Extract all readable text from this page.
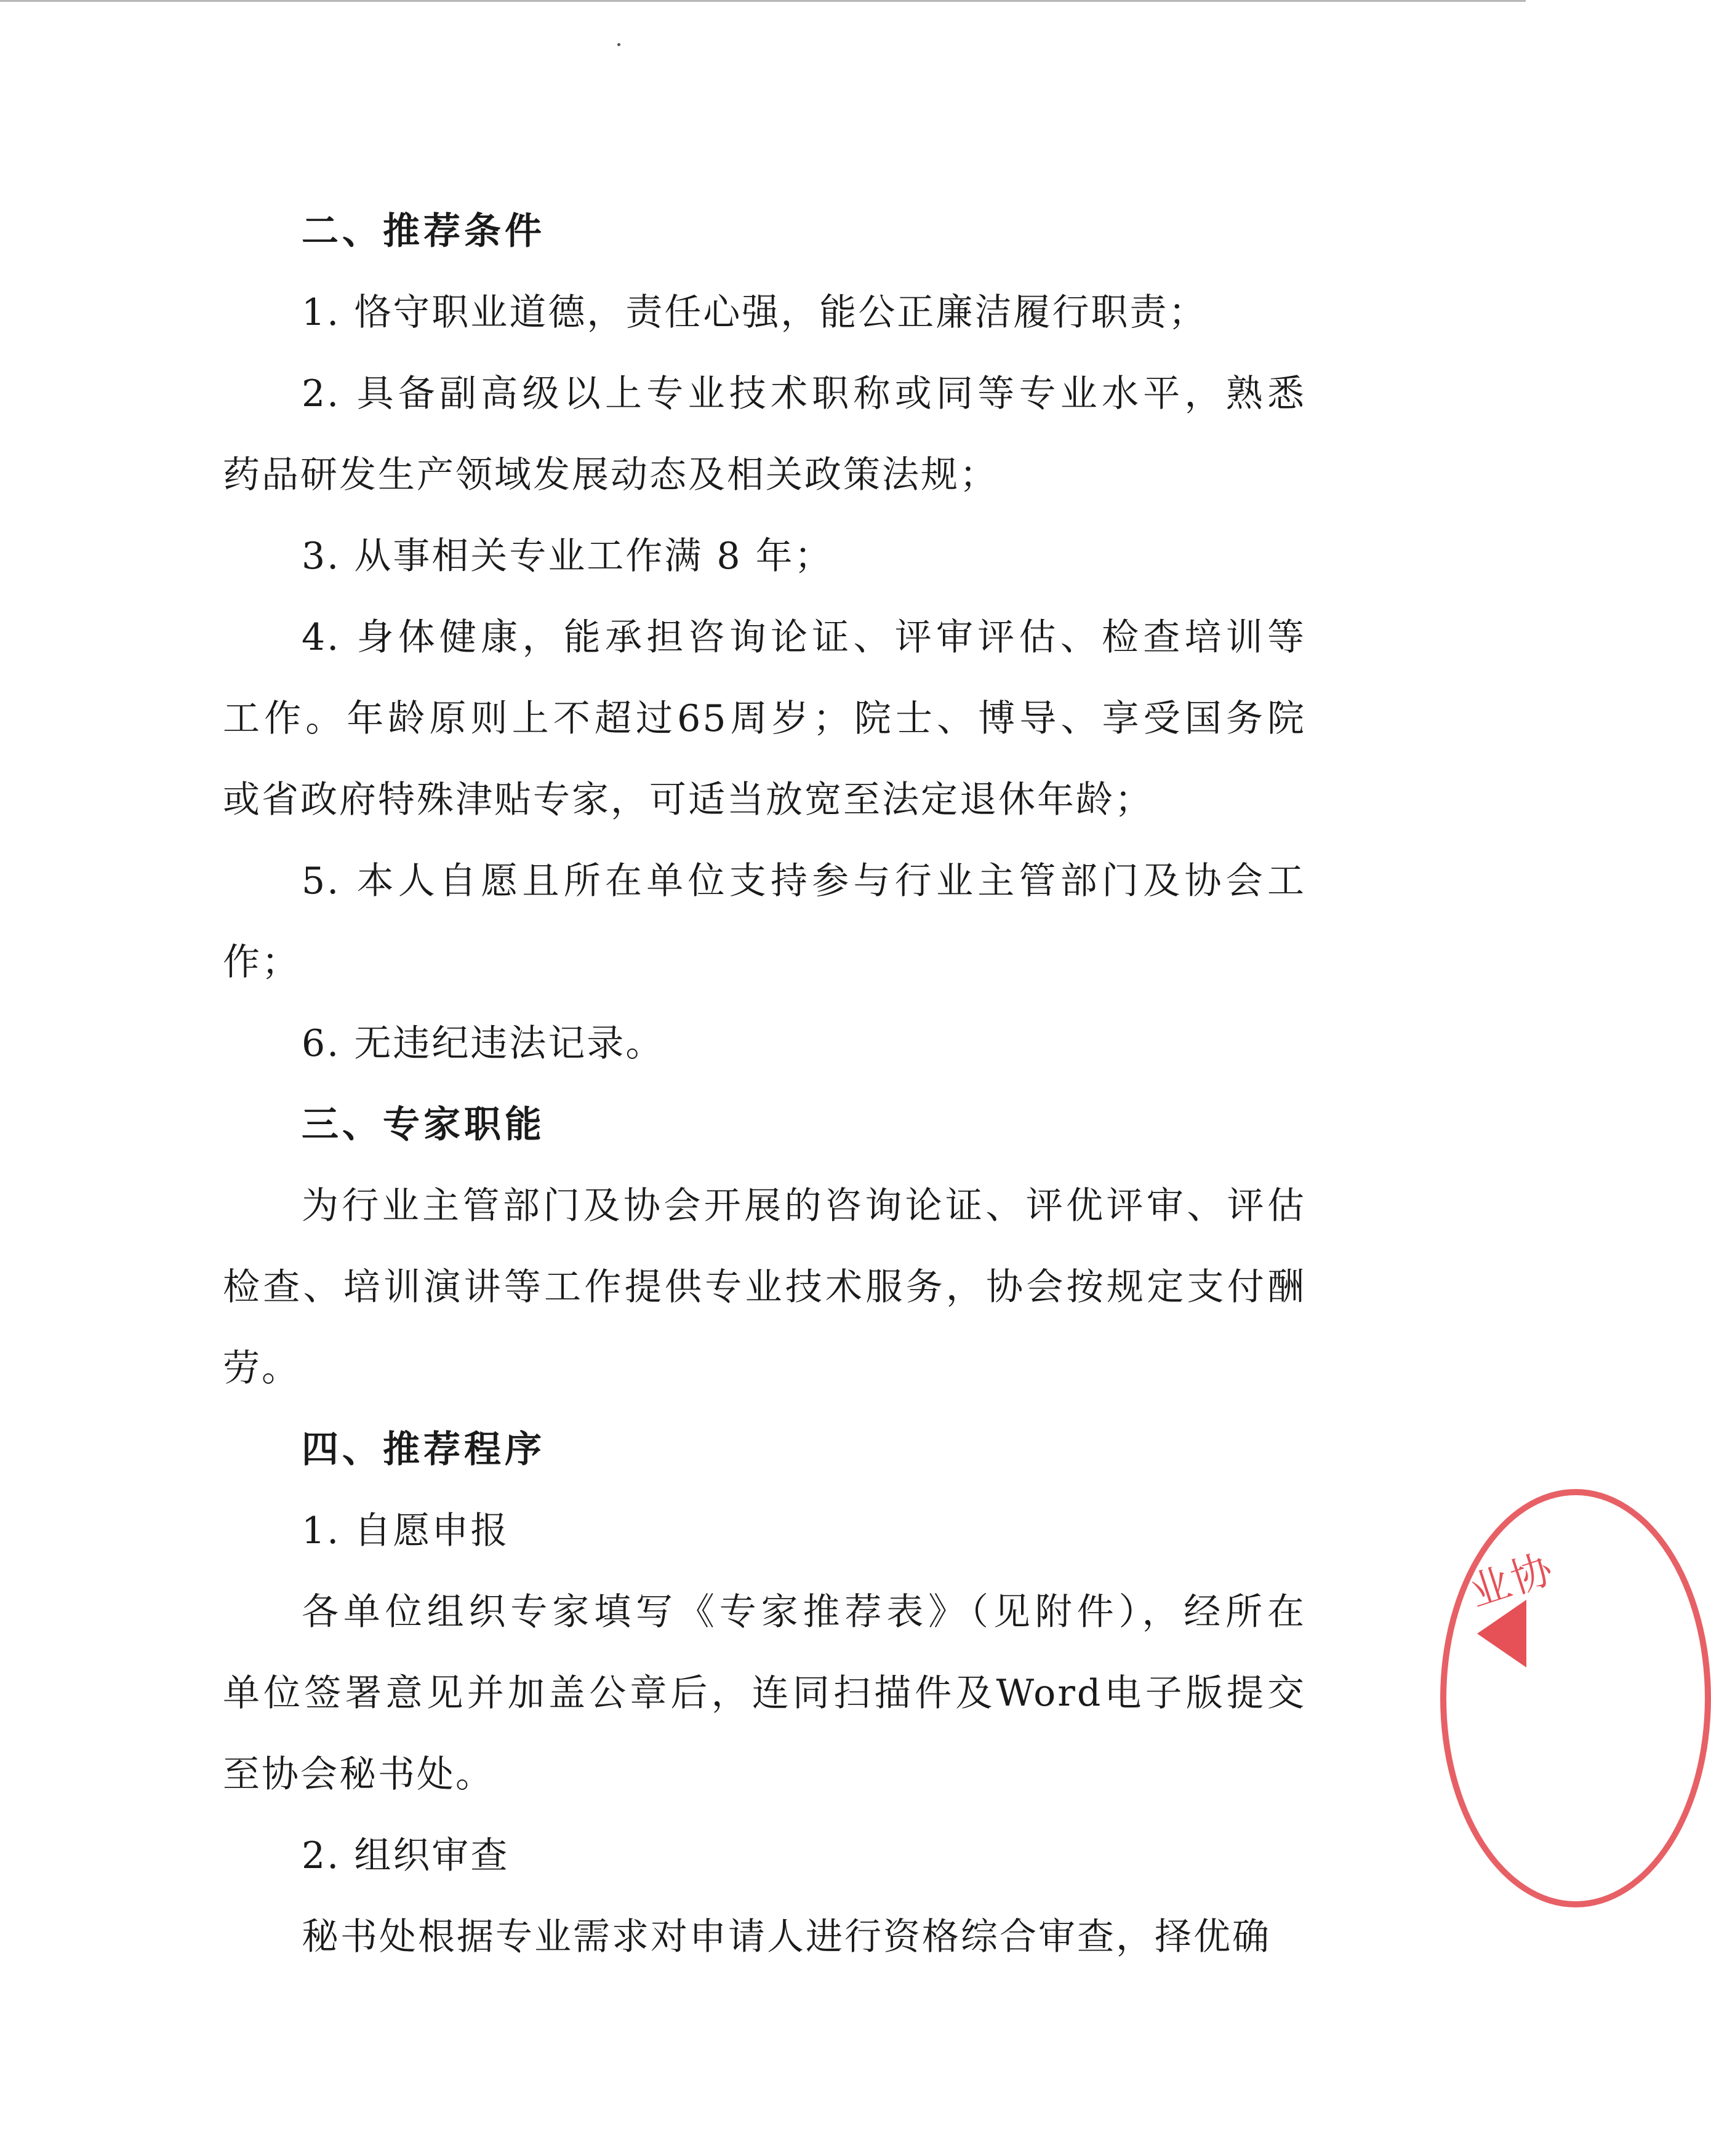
二、推荐条件
1. 恪守职业道德，责任心强，能公正廉洁履行职责；
2. 具备副高级以上专业技术职称或同等专业水平，熟悉
药品研发生产领域发展动态及相关政策法规；
3. 从事相关专业工作满 8 年；
4. 身体健康，能承担咨询论证、评审评估、检查培训等
工作。年龄原则上不超过65周岁；院士、博导、享受国务院
或省政府特殊津贴专家，可适当放宽至法定退休年龄；
5. 本人自愿且所在单位支持参与行业主管部门及协会工
作；
6. 无违纪违法记录。
三、专家职能
为行业主管部门及协会开展的咨询论证、评优评审、评估
检查、培训演讲等工作提供专业技术服务，协会按规定支付酬
劳。
四、推荐程序
1. 自愿申报
各单位组织专家填写《专家推荐表》（见附件），经所在
单位签署意见并加盖公章后，连同扫描件及Word电子版提交
至协会秘书处。
2. 组织审查
秘书处根据专业需求对申请人进行资格综合审查，择优确
业协
